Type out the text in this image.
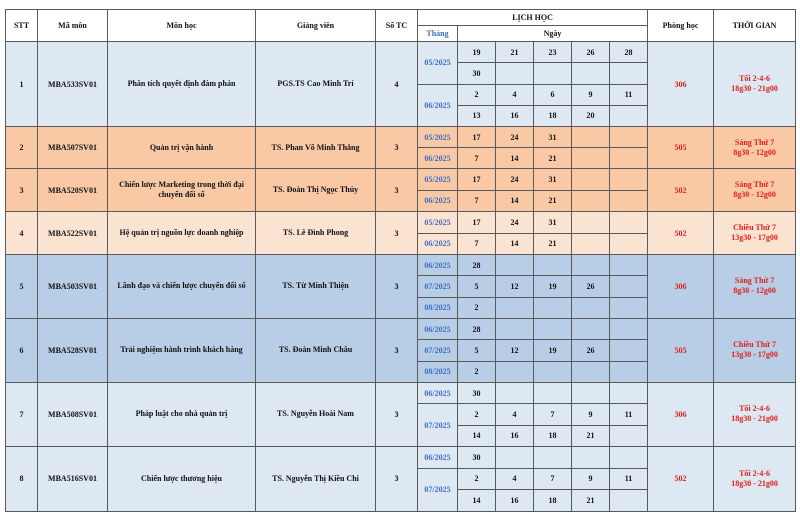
STT	Mã môn	Môn học	Giảng viên	Số TC	LỊCH HỌC						Phòng học	THỜI GIAN
					Tháng	Ngày						
1	MBA533SV01	Phân tích quyết định đàm phán	PGS.TS Cao Minh Trí	4	05/2025	19	21	23	26	28	306	Tối 2-4-6
18g30 - 21g00

						30						
					06/2025	2	4	6	9	11		
						13	16	18	20			
2	MBA507SV01	Quản trị vận hành	TS. Phan Võ Minh Thắng	3	05/2025	17	24	31			505	Sáng Thứ 7
8g30 - 12g00

					06/2025	7	14	21				
3	MBA520SV01	Chiến lược Marketing trong thời đại chuyển đổi số	TS. Đoàn Thị Ngọc Thúy	3	05/2025	17	24	31			502	Sáng Thứ 7
8g30 - 12g00

					06/2025	7	14	21				
4	MBA522SV01	Hệ quản trị nguồn lực doanh nghiệp	TS. Lê Đình Phong	3	05/2025	17	24	31			502	Chiều Thứ 7
13g30 - 17g00

					06/2025	7	14	21				
5	MBA503SV01	Lãnh đạo và chiến lược chuyển đổi số	TS. Từ Minh Thiện	3	06/2025	28					306	Sáng Thứ 7
8g30 - 12g00

					07/2025	5	12	19	26			
					08/2025	2						
6	MBA528SV01	Trải nghiệm hành trình khách hàng	TS. Đoàn Minh Châu	3	06/2025	28					505	Chiều Thứ 7
13g30 - 17g00

					07/2025	5	12	19	26			
					08/2025	2						
7	MBA508SV01	Pháp luật cho nhà quản trị	TS. Nguyễn Hoài Nam	3	06/2025	30					306	Tối 2-4-6
18g30 - 21g00

					07/2025	2	4	7	9	11		
						14	16	18	21			
8	MBA516SV01	Chiến lược thương hiệu	TS. Nguyễn Thị Kiều Chi	3	06/2025	30					502	Tối 2-4-6
18g30 - 21g00

					07/2025	2	4	7	9	11		
						14	16	18	21			
